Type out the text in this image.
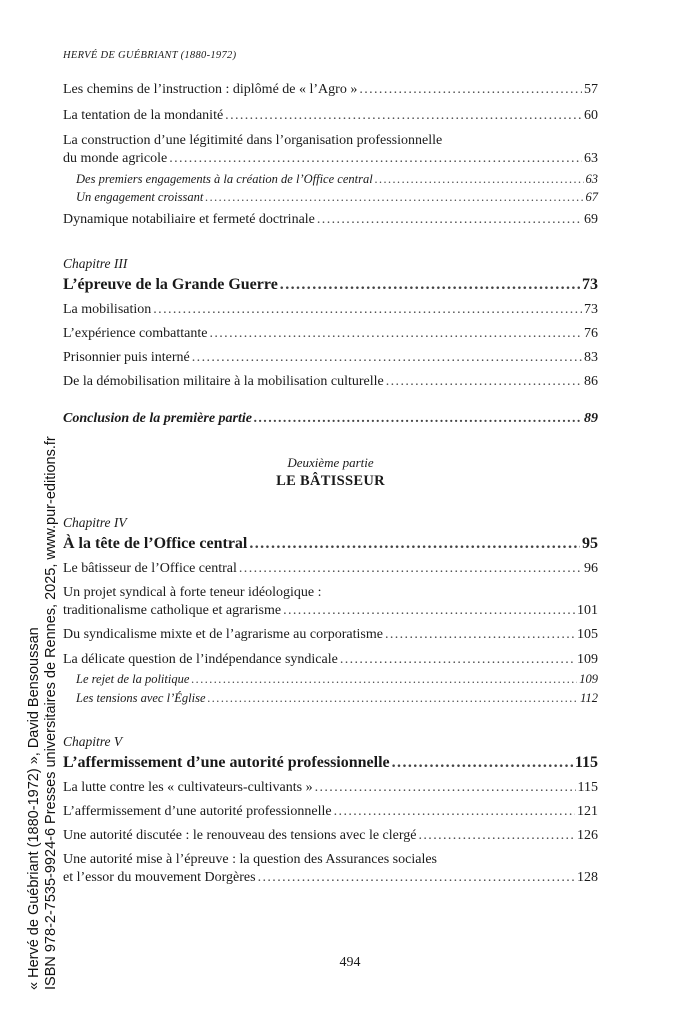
HERVÉ DE GUÉBRIANT (1880-1972)
« Hervé de Guébriant (1880-1972) », David Bensoussan ISBN 978-2-7535-9924-6 Presses universitaires de Rennes, 2025, www.pur-editions.fr
Les chemins de l’instruction : diplômé de « l’Agro » .....	57
La tentation de la mondanité .....	60
La construction d’une légitimité dans l’organisation professionnelle
du monde agricole .....	63
Des premiers engagements à la création de l’Office central .....	63
Un engagement croissant .....	67
Dynamique notabiliaire et fermeté doctrinale .....	69
Chapitre III
L’épreuve de la Grande Guerre .....	73
La mobilisation .....	73
L’expérience combattante .....	76
Prisonnier puis interné .....	83
De la démobilisation militaire à la mobilisation culturelle .....	86
Conclusion de la première partie .....	89
Deuxième partie
LE BÂTISSEUR
Chapitre IV
À la tête de l’Office central .....	95
Le bâtisseur de l’Office central .....	96
Un projet syndical à forte teneur idéologique :
traditionalisme catholique et agrarisme .....	101
Du syndicalisme mixte et de l’agrarisme au corporatisme .....	105
La délicate question de l’indépendance syndicale .....	109
Le rejet de la politique .....	109
Les tensions avec l’Église .....	112
Chapitre V
L’affermissement d’une autorité professionnelle .....	115
La lutte contre les « cultivateurs-cultivants » .....	115
L’affermissement d’une autorité professionnelle .....	121
Une autorité discutée : le renouveau des tensions avec le clergé .....	126
Une autorité mise à l’épreuve : la question des Assurances sociales
et l’essor du mouvement Dorgères .....	128
494
